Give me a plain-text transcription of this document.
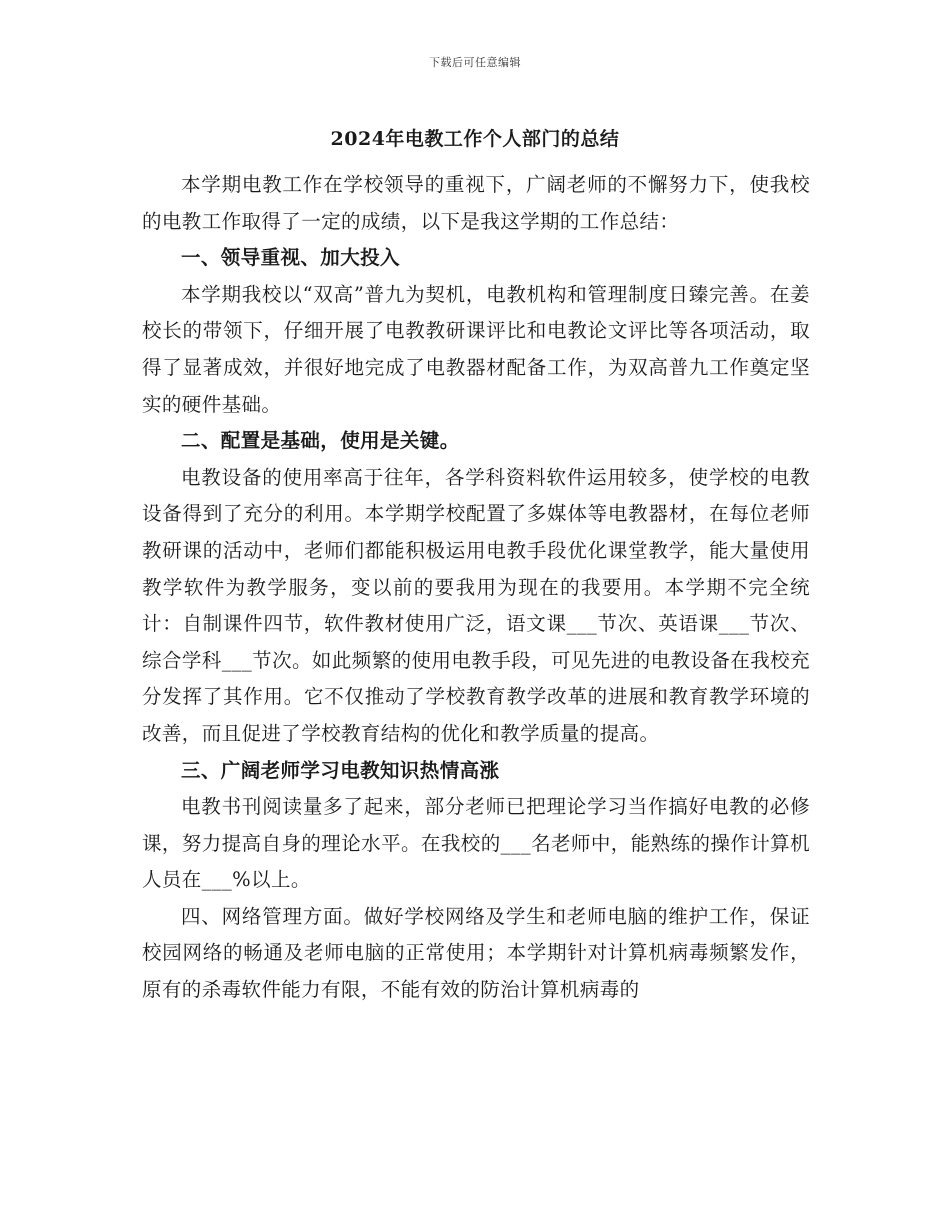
下载后可任意编辑
2024年电教工作个人部门的总结

本学期电教工作在学校领导的重视下，广阔老师的不懈努力下，使我校的电教工作取得了一定的成绩，以下是我这学期的工作总结：

一、领导重视、加大投入

本学期我校以“双高”普九为契机，电教机构和管理制度日臻完善。在姜校长的带领下，仔细开展了电教教研课评比和电教论文评比等各项活动，取得了显著成效，并很好地完成了电教器材配备工作，为双高普九工作奠定坚实的硬件基础。

二、配置是基础，使用是关键。

电教设备的使用率高于往年，各学科资料软件运用较多，使学校的电教设备得到了充分的利用。本学期学校配置了多媒体等电教器材，在每位老师教研课的活动中，老师们都能积极运用电教手段优化课堂教学，能大量使用教学软件为教学服务，变以前的要我用为现在的我要用。本学期不完全统计：自制课件四节，软件教材使用广泛，语文课___节次、英语课___节次、综合学科___节次。如此频繁的使用电教手段，可见先进的电教设备在我校充分发挥了其作用。它不仅推动了学校教育教学改革的进展和教育教学环境的改善，而且促进了学校教育结构的优化和教学质量的提高。

三、广阔老师学习电教知识热情高涨

电教书刊阅读量多了起来，部分老师已把理论学习当作搞好电教的必修课，努力提高自身的理论水平。在我校的___名老师中，能熟练的操作计算机人员在___%以上。

四、网络管理方面。做好学校网络及学生和老师电脑的维护工作，保证校园网络的畅通及老师电脑的正常使用；本学期针对计算机病毒频繁发作，原有的杀毒软件能力有限，不能有效的防治计算机病毒的
